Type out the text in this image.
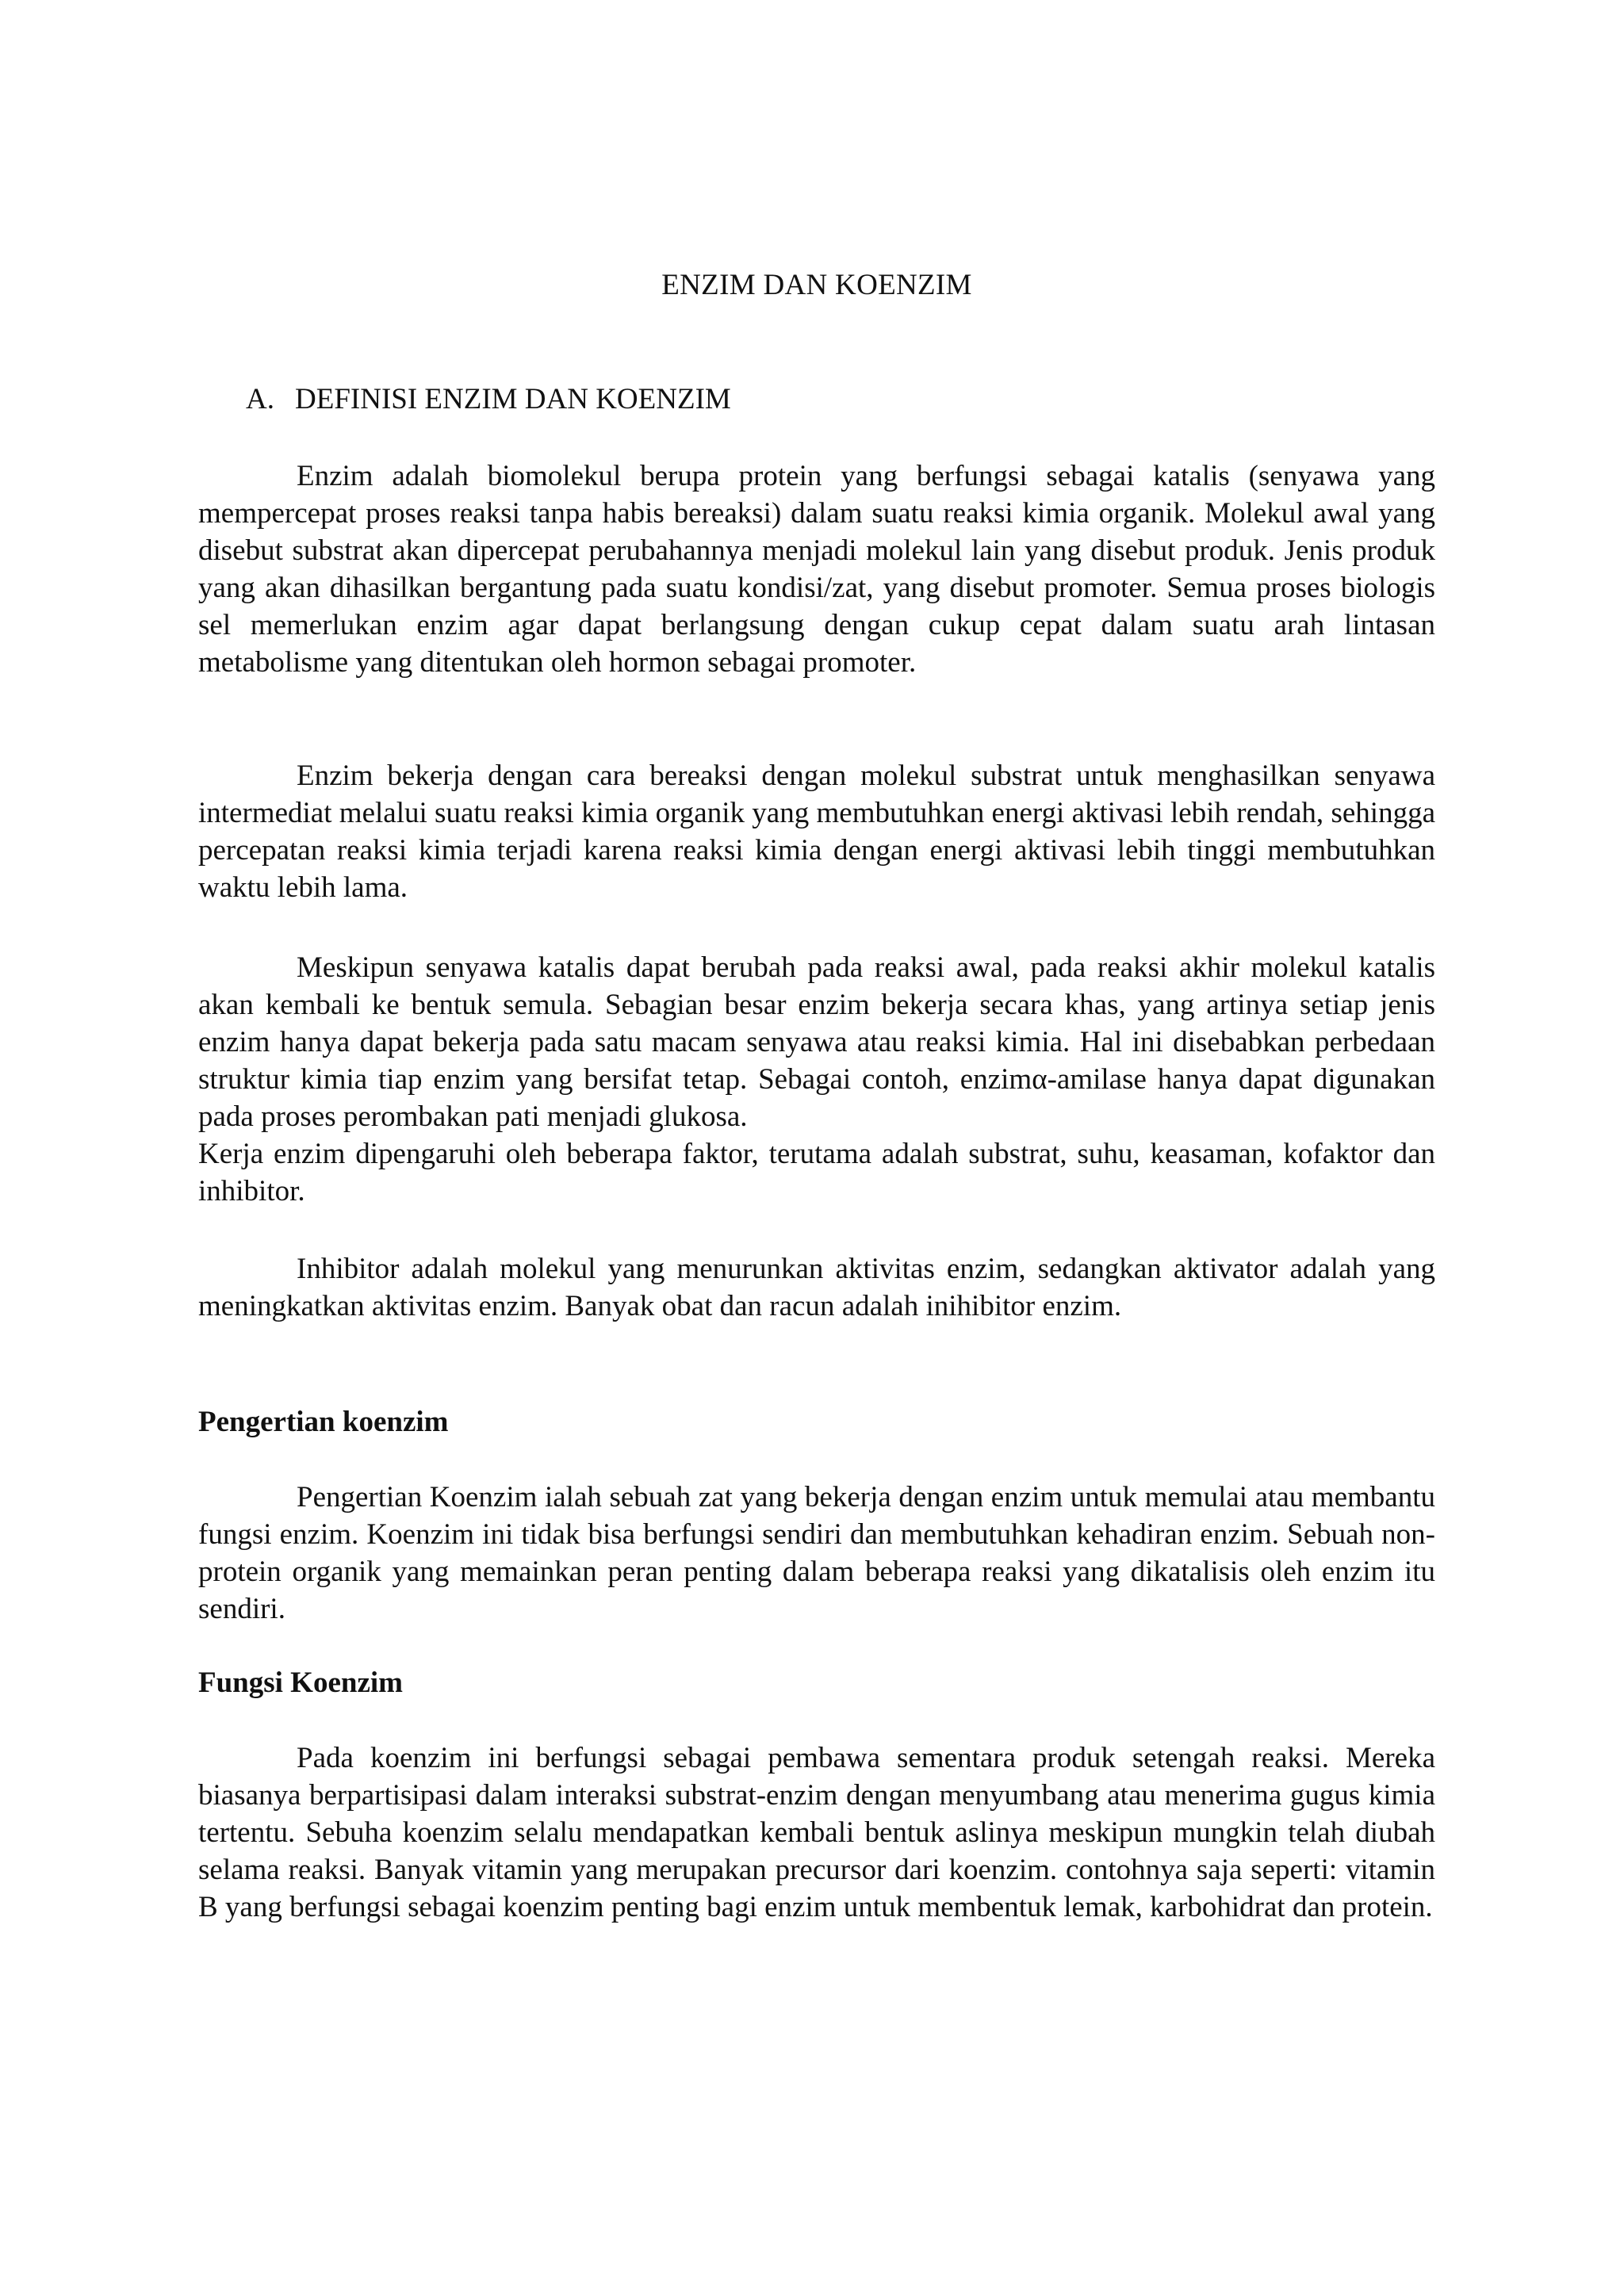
ENZIM DAN KOENZIM
A. DEFINISI ENZIM DAN KOENZIM

Enzim adalah biomolekul berupa protein yang berfungsi sebagai katalis (senyawa yang mempercepat proses reaksi tanpa habis bereaksi) dalam suatu reaksi kimia organik. Molekul awal yang disebut substrat akan dipercepat perubahannya menjadi molekul lain yang disebut produk. Jenis produk yang akan dihasilkan bergantung pada suatu kondisi/zat, yang disebut promoter. Semua proses biologis sel memerlukan enzim agar dapat berlangsung dengan cukup cepat dalam suatu arah lintasan metabolisme yang ditentukan oleh hormon sebagai promoter.

Enzim bekerja dengan cara bereaksi dengan molekul substrat untuk menghasilkan senyawa intermediat melalui suatu reaksi kimia organik yang membutuhkan energi aktivasi lebih rendah, sehingga percepatan reaksi kimia terjadi karena reaksi kimia dengan energi aktivasi lebih tinggi membutuhkan waktu lebih lama.

Meskipun senyawa katalis dapat berubah pada reaksi awal, pada reaksi akhir molekul katalis akan kembali ke bentuk semula. Sebagian besar enzim bekerja secara khas, yang artinya setiap jenis enzim hanya dapat bekerja pada satu macam senyawa atau reaksi kimia. Hal ini disebabkan perbedaan struktur kimia tiap enzim yang bersifat tetap. Sebagai contoh, enzimα-amilase hanya dapat digunakan pada proses perombakan pati menjadi glukosa.

Kerja enzim dipengaruhi oleh beberapa faktor, terutama adalah substrat, suhu, keasaman, kofaktor dan inhibitor.

Inhibitor adalah molekul yang menurunkan aktivitas enzim, sedangkan aktivator adalah yang meningkatkan aktivitas enzim. Banyak obat dan racun adalah inihibitor enzim.

Pengertian koenzim

Pengertian Koenzim ialah sebuah zat yang bekerja dengan enzim untuk memulai atau membantu fungsi enzim. Koenzim ini tidak bisa berfungsi sendiri dan membutuhkan kehadiran enzim. Sebuah non-protein organik yang memainkan peran penting dalam beberapa reaksi yang dikatalisis oleh enzim itu sendiri.

Fungsi Koenzim

Pada koenzim ini berfungsi sebagai pembawa sementara produk setengah reaksi. Mereka biasanya berpartisipasi dalam interaksi substrat-enzim dengan menyumbang atau menerima gugus kimia tertentu. Sebuha koenzim selalu mendapatkan kembali bentuk aslinya meskipun mungkin telah diubah selama reaksi. Banyak vitamin yang merupakan precursor dari koenzim. contohnya saja seperti: vitamin B yang berfungsi sebagai koenzim penting bagi enzim untuk membentuk lemak, karbohidrat dan protein.
